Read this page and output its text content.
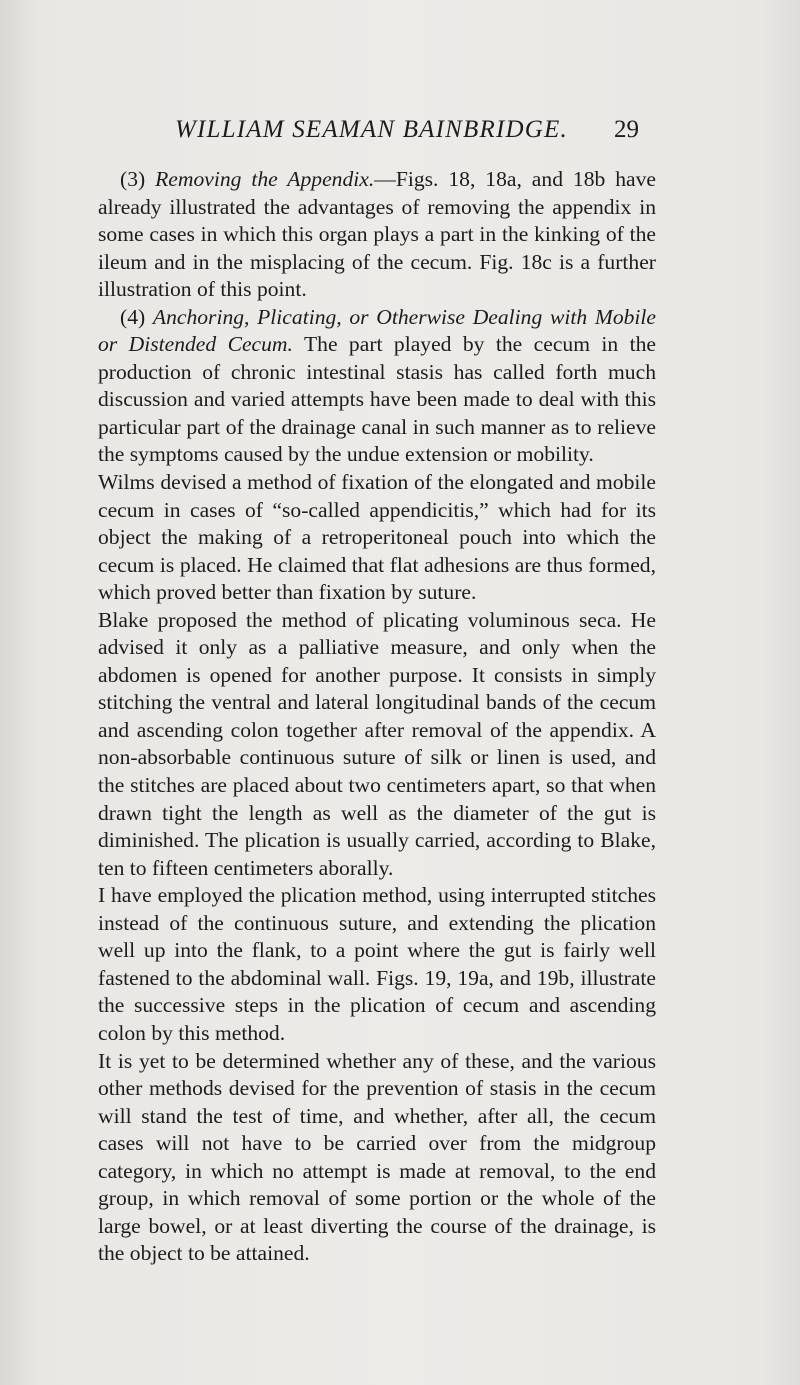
WILLIAM SEAMAN BAINBRIDGE. 29

(3) Removing the Appendix.—Figs. 18, 18a, and 18b have already illustrated the advantages of removing the appendix in some cases in which this organ plays a part in the kinking of the ileum and in the misplacing of the cecum. Fig. 18c is a further illustration of this point.

(4) Anchoring, Plicating, or Otherwise Dealing with Mobile or Distended Cecum. The part played by the cecum in the production of chronic intestinal stasis has called forth much discussion and varied attempts have been made to deal with this particular part of the drainage canal in such manner as to relieve the symptoms caused by the undue extension or mobility.

Wilms devised a method of fixation of the elongated and mobile cecum in cases of “so-called appendicitis,” which had for its object the making of a retroperitoneal pouch into which the cecum is placed. He claimed that flat adhesions are thus formed, which proved better than fixation by suture.

Blake proposed the method of plicating voluminous seca. He advised it only as a palliative measure, and only when the abdomen is opened for another purpose. It consists in simply stitching the ventral and lateral longitudinal bands of the cecum and ascending colon together after removal of the appendix. A non-absorbable continuous suture of silk or linen is used, and the stitches are placed about two centimeters apart, so that when drawn tight the length as well as the diameter of the gut is diminished. The plication is usually carried, according to Blake, ten to fifteen centimeters aborally.

I have employed the plication method, using interrupted stitches instead of the continuous suture, and extending the plication well up into the flank, to a point where the gut is fairly well fastened to the abdominal wall. Figs. 19, 19a, and 19b, illustrate the successive steps in the plication of cecum and ascending colon by this method.

It is yet to be determined whether any of these, and the various other methods devised for the prevention of stasis in the cecum will stand the test of time, and whether, after all, the cecum cases will not have to be carried over from the midgroup category, in which no attempt is made at removal, to the end group, in which removal of some portion or the whole of the large bowel, or at least diverting the course of the drainage, is the object to be attained.
